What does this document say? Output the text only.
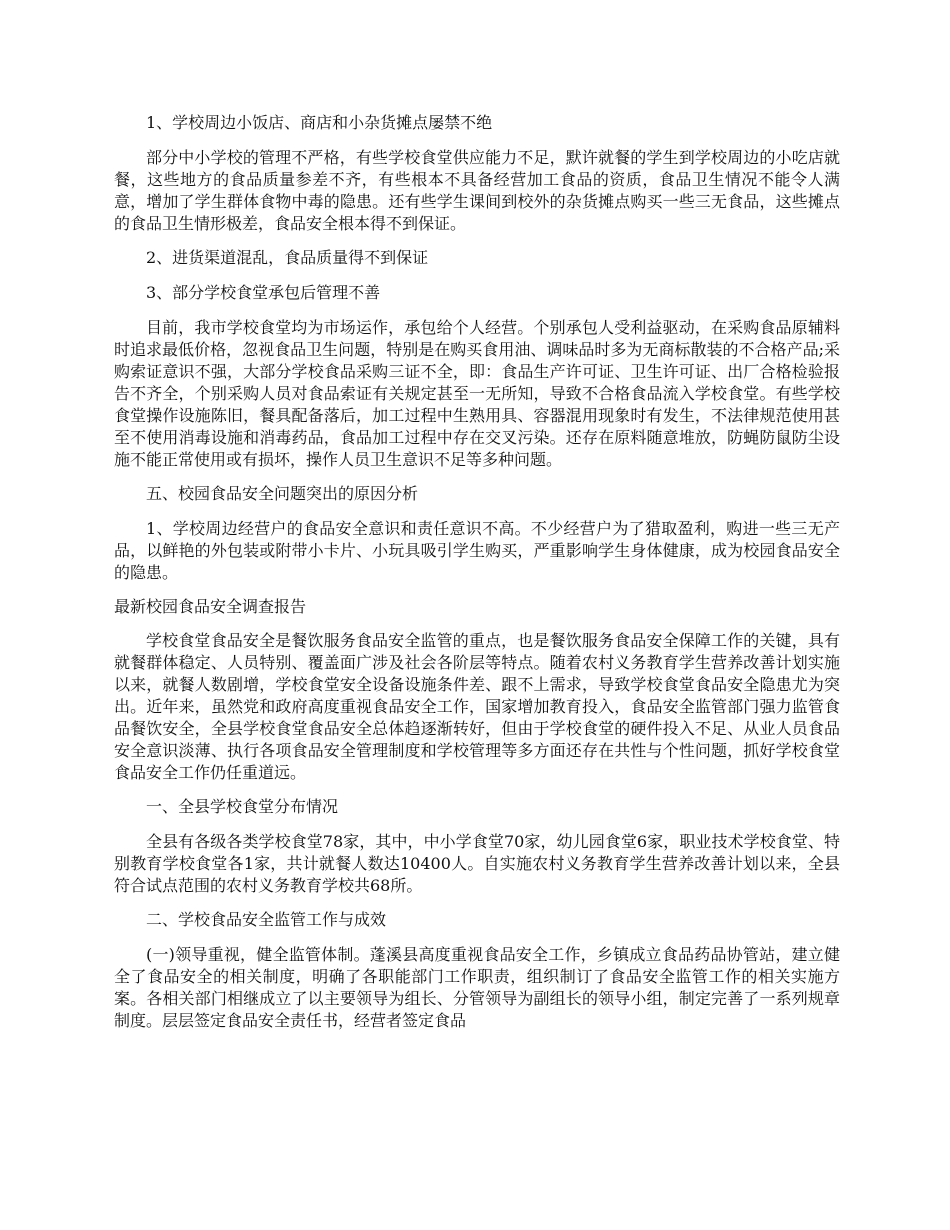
1、学校周边小饭店、商店和小杂货摊点屡禁不绝

部分中小学校的管理不严格，有些学校食堂供应能力不足，默许就餐的学生到学校周边的小吃店就餐，这些地方的食品质量参差不齐，有些根本不具备经营加工食品的资质，食品卫生情况不能令人满意，增加了学生群体食物中毒的隐患。还有些学生课间到校外的杂货摊点购买一些三无食品，这些摊点的食品卫生情形极差，食品安全根本得不到保证。

2、进货渠道混乱，食品质量得不到保证

3、部分学校食堂承包后管理不善

目前，我市学校食堂均为市场运作，承包给个人经营。个别承包人受利益驱动，在采购食品原辅料时追求最低价格，忽视食品卫生问题，特别是在购买食用油、调味品时多为无商标散装的不合格产品;采购索证意识不强，大部分学校食品采购三证不全，即：食品生产许可证、卫生许可证、出厂合格检验报告不齐全，个别采购人员对食品索证有关规定甚至一无所知，导致不合格食品流入学校食堂。有些学校食堂操作设施陈旧，餐具配备落后，加工过程中生熟用具、容器混用现象时有发生，不法律规范使用甚至不使用消毒设施和消毒药品，食品加工过程中存在交叉污染。还存在原料随意堆放，防蝇防鼠防尘设施不能正常使用或有损坏，操作人员卫生意识不足等多种问题。

五、校园食品安全问题突出的原因分析

1、学校周边经营户的食品安全意识和责任意识不高。不少经营户为了猎取盈利，购进一些三无产品，以鲜艳的外包装或附带小卡片、小玩具吸引学生购买，严重影响学生身体健康，成为校园食品安全的隐患。

最新校园食品安全调查报告

学校食堂食品安全是餐饮服务食品安全监管的重点，也是餐饮服务食品安全保障工作的关键，具有就餐群体稳定、人员特别、覆盖面广涉及社会各阶层等特点。随着农村义务教育学生营养改善计划实施以来，就餐人数剧增，学校食堂安全设备设施条件差、跟不上需求，导致学校食堂食品安全隐患尤为突出。近年来，虽然党和政府高度重视食品安全工作，国家增加教育投入，食品安全监管部门强力监管食品餐饮安全，全县学校食堂食品安全总体趋逐渐转好，但由于学校食堂的硬件投入不足、从业人员食品安全意识淡薄、执行各项食品安全管理制度和学校管理等多方面还存在共性与个性问题，抓好学校食堂食品安全工作仍任重道远。

一、全县学校食堂分布情况

全县有各级各类学校食堂78家，其中，中小学食堂70家，幼儿园食堂6家，职业技术学校食堂、特别教育学校食堂各1家，共计就餐人数达10400人。自实施农村义务教育学生营养改善计划以来，全县符合试点范围的农村义务教育学校共68所。

二、学校食品安全监管工作与成效

(一)领导重视，健全监管体制。蓬溪县高度重视食品安全工作，乡镇成立食品药品协管站，建立健全了食品安全的相关制度，明确了各职能部门工作职责，组织制订了食品安全监管工作的相关实施方案。各相关部门相继成立了以主要领导为组长、分管领导为副组长的领导小组，制定完善了一系列规章制度。层层签定食品安全责任书，经营者签定食品
